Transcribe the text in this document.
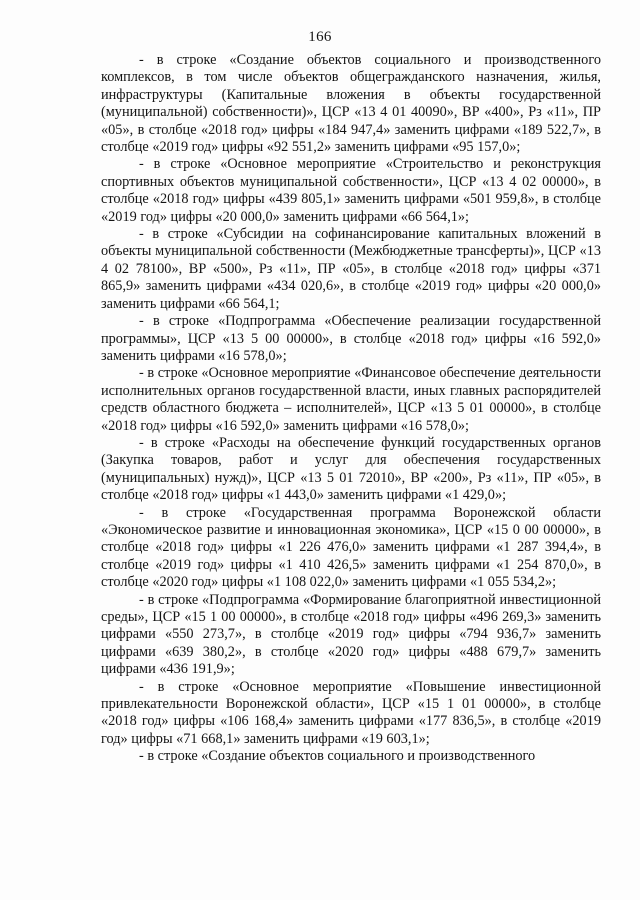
166

- в строке «Создание объектов социального и производственного комплексов, в том числе объектов общегражданского назначения, жилья, инфраструктуры (Капитальные вложения в объекты государственной (муниципальной) собственности)», ЦСР «13 4 01 40090», ВР «400», Рз «11», ПР «05», в столбце «2018 год» цифры «184 947,4» заменить цифрами «189 522,7», в столбце «2019 год» цифры «92 551,2» заменить цифрами «95 157,0»;

- в строке «Основное мероприятие «Строительство и реконструкция спортивных объектов муниципальной собственности», ЦСР «13 4 02 00000», в столбце «2018 год» цифры «439 805,1» заменить цифрами «501 959,8», в столбце «2019 год» цифры «20 000,0» заменить цифрами «66 564,1»;

- в строке «Субсидии на софинансирование капитальных вложений в объекты муниципальной собственности (Межбюджетные трансферты)», ЦСР «13 4 02 78100», ВР «500», Рз «11», ПР «05», в столбце «2018 год» цифры «371 865,9» заменить цифрами «434 020,6», в столбце «2019 год» цифры «20 000,0» заменить цифрами «66 564,1;

- в строке «Подпрограмма «Обеспечение реализации государственной программы», ЦСР «13 5 00 00000», в столбце «2018 год» цифры «16 592,0» заменить цифрами «16 578,0»;

- в строке «Основное мероприятие «Финансовое обеспечение деятельности исполнительных органов государственной власти, иных главных распорядителей средств областного бюджета – исполнителей», ЦСР «13 5 01 00000», в столбце «2018 год» цифры «16 592,0» заменить цифрами «16 578,0»;

- в строке «Расходы на обеспечение функций государственных органов (Закупка товаров, работ и услуг для обеспечения государственных (муниципальных) нужд)», ЦСР «13 5 01 72010», ВР «200», Рз «11», ПР «05», в столбце «2018 год» цифры «1 443,0» заменить цифрами «1 429,0»;

- в строке «Государственная программа Воронежской области «Экономическое развитие и инновационная экономика», ЦСР «15 0 00 00000», в столбце «2018 год» цифры «1 226 476,0» заменить цифрами «1 287 394,4», в столбце «2019 год» цифры «1 410 426,5» заменить цифрами «1 254 870,0», в столбце «2020 год» цифры «1 108 022,0» заменить цифрами «1 055 534,2»;

- в строке «Подпрограмма «Формирование благоприятной инвестиционной среды», ЦСР «15 1 00 00000», в столбце «2018 год» цифры «496 269,3» заменить цифрами «550 273,7», в столбце «2019 год» цифры «794 936,7» заменить цифрами «639 380,2», в столбце «2020 год» цифры «488 679,7» заменить цифрами «436 191,9»;

- в строке «Основное мероприятие «Повышение инвестиционной привлекательности Воронежской области», ЦСР «15 1 01 00000», в столбце «2018 год» цифры «106 168,4» заменить цифрами «177 836,5», в столбце «2019 год» цифры «71 668,1» заменить цифрами «19 603,1»;

- в строке «Создание объектов социального и производственного
